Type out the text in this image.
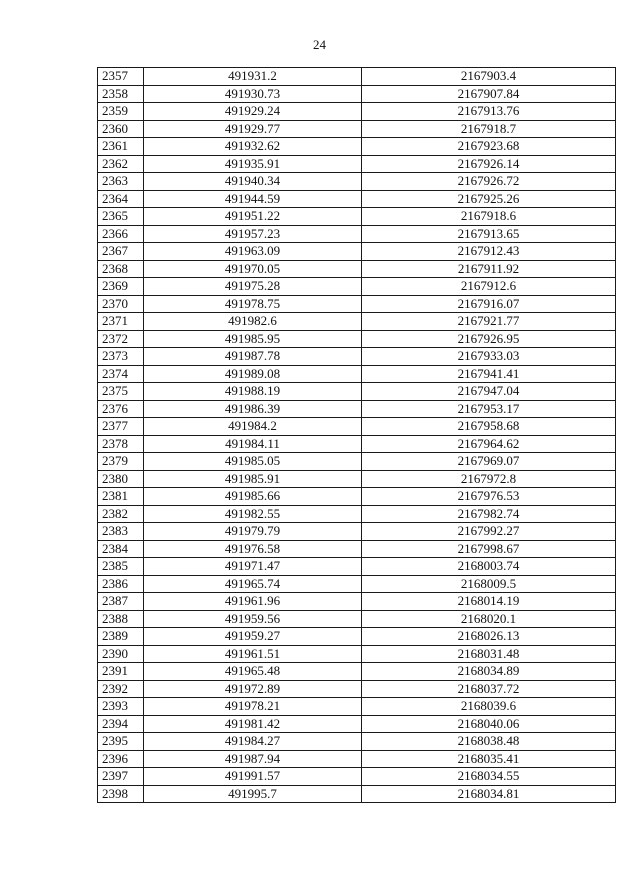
24
2357	491931.2	2167903.4
2358	491930.73	2167907.84
2359	491929.24	2167913.76
2360	491929.77	2167918.7
2361	491932.62	2167923.68
2362	491935.91	2167926.14
2363	491940.34	2167926.72
2364	491944.59	2167925.26
2365	491951.22	2167918.6
2366	491957.23	2167913.65
2367	491963.09	2167912.43
2368	491970.05	2167911.92
2369	491975.28	2167912.6
2370	491978.75	2167916.07
2371	491982.6	2167921.77
2372	491985.95	2167926.95
2373	491987.78	2167933.03
2374	491989.08	2167941.41
2375	491988.19	2167947.04
2376	491986.39	2167953.17
2377	491984.2	2167958.68
2378	491984.11	2167964.62
2379	491985.05	2167969.07
2380	491985.91	2167972.8
2381	491985.66	2167976.53
2382	491982.55	2167982.74
2383	491979.79	2167992.27
2384	491976.58	2167998.67
2385	491971.47	2168003.74
2386	491965.74	2168009.5
2387	491961.96	2168014.19
2388	491959.56	2168020.1
2389	491959.27	2168026.13
2390	491961.51	2168031.48
2391	491965.48	2168034.89
2392	491972.89	2168037.72
2393	491978.21	2168039.6
2394	491981.42	2168040.06
2395	491984.27	2168038.48
2396	491987.94	2168035.41
2397	491991.57	2168034.55
2398	491995.7	2168034.81
